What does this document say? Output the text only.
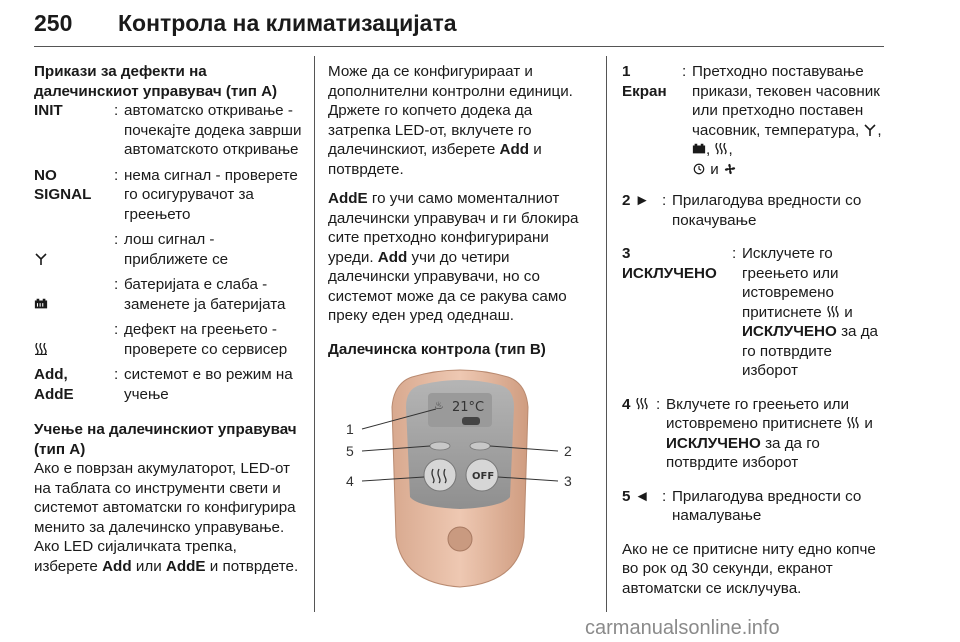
250 Контрола на климатизацијата
Прикази за дефекти на далечинскиот управувач (тип A)
INIT	: автоматско откривање - почекајте додека заврши автоматското откривање
NO
SIGNAL
: нема сигнал - проверете го осигурувачот за греењето

: лош сигнал - приближете се

: батеријата е слаба - заменете ја батеријата

: дефект на греењето - проверете со сервисер
Add,
AddE
: системот е во режим на учење
Учење на далечинскиот управувач (тип A)
Ако е поврзан акумулаторот, LED-от на таблата со инструменти свети и системот автоматски го конфигурира менито за далечинско управување. Ако LED сијаличката трепка, изберете Add или AddE и потврдете.
Може да се конфигурираат и дополнителни контролни единици. Држете го копчето додека да затрепка LED-от, вклучете го далечинскиот, изберете Add и потврдете.
AddE го учи само моменталниот далечински управувач и ги блокира сите претходно конфигурирани уреди. Add учи до четири далечински управувачи, но со системот може да се ракува само преку еден уред одеднаш.
Далечинска контрола (тип B)
♨ 21°C
OFF
1
2
3
4
5
1
Екран
: Претходно поставување прикази, тековен часовник или претходно поставен часовник, температура, , , ,
и
2 ► : Прилагодува вредности со покачување
3
ИСКЛУЧЕНО
: Исклучете го греењето или истовремено притиснете  и ИСКЛУЧЕНО за да го потврдите изборот
4	: Вклучете го греењето или истовремено притиснете  и ИСКЛУЧЕНО за да го потврдите изборот
5 ◄ : Прилагодува вредности со намалување
Ако не се притисне ниту едно копче во рок од 30 секунди, екранот автоматски се исклучува.
carmanualsonline.info
